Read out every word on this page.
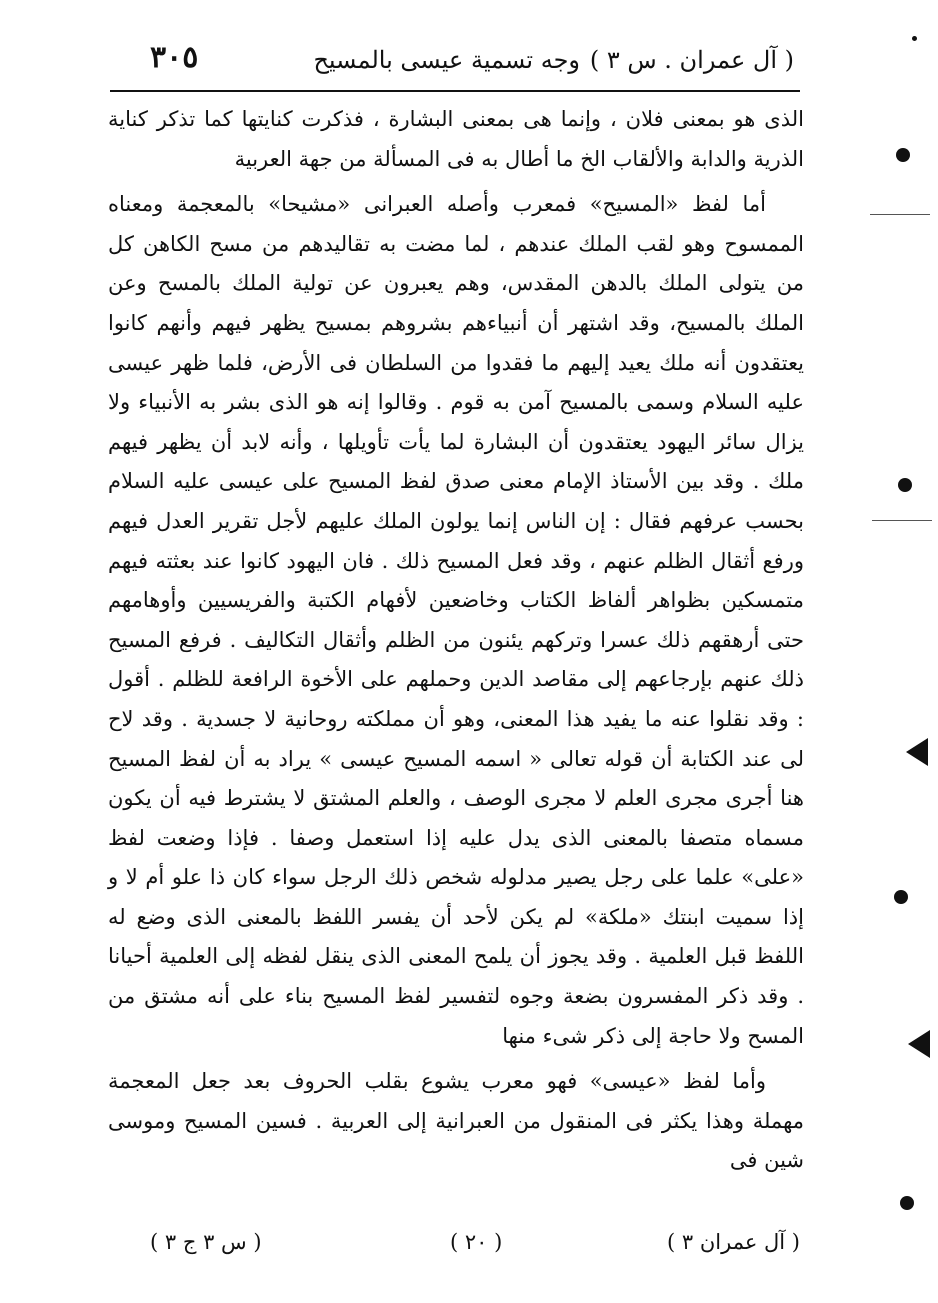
( آل عمران . س ٣ )
وجه تسمية عيسى بالمسيح
٣٠٥

الذى هو بمعنى فلان ، وإنما هى بمعنى البشارة ، فذكرت كنايتها كما تذكر كناية الذرية والدابة والألقاب الخ ما أطال به فى المسألة من جهة العربية

أما لفظ «المسيح» فمعرب وأصله العبرانى «مشيحا» بالمعجمة ومعناه الممسوح وهو لقب الملك عندهم ، لما مضت به تقاليدهم من مسح الكاهن كل من يتولى الملك بالدهن المقدس، وهم يعبرون عن تولية الملك بالمسح وعن الملك بالمسيح، وقد اشتهر أن أنبياءهم بشروهم بمسيح يظهر فيهم وأنهم كانوا يعتقدون أنه ملك يعيد إليهم ما فقدوا من السلطان فى الأرض، فلما ظهر عيسى عليه السلام وسمى بالمسيح آمن به قوم . وقالوا إنه هو الذى بشر به الأنبياء ولا يزال سائر اليهود يعتقدون أن البشارة لما يأت تأويلها ، وأنه لابد أن يظهر فيهم ملك . وقد بين الأستاذ الإمام معنى صدق لفظ المسيح على عيسى عليه السلام بحسب عرفهم فقال : إن الناس إنما يولون الملك عليهم لأجل تقرير العدل فيهم ورفع أثقال الظلم عنهم ، وقد فعل المسيح ذلك . فان اليهود كانوا عند بعثته فيهم متمسكين بظواهر ألفاظ الكتاب وخاضعين لأفهام الكتبة والفريسيين وأوهامهم حتى أرهقهم ذلك عسرا وتركهم يئنون من الظلم وأثقال التكاليف . فرفع المسيح ذلك عنهم بإرجاعهم إلى مقاصد الدين وحملهم على الأخوة الرافعة للظلم . أقول : وقد نقلوا عنه ما يفيد هذا المعنى، وهو أن مملكته روحانية لا جسدية . وقد لاح لى عند الكتابة أن قوله تعالى « اسمه المسيح عيسى » يراد به أن لفظ المسيح هنا أجرى مجرى العلم لا مجرى الوصف ، والعلم المشتق لا يشترط فيه أن يكون مسماه متصفا بالمعنى الذى يدل عليه إذا استعمل وصفا . فإذا وضعت لفظ «على» علما على رجل يصير مدلوله شخص ذلك الرجل سواء كان ذا علو أم لا و إذا سميت ابنتك «ملكة» لم يكن لأحد أن يفسر اللفظ بالمعنى الذى وضع له اللفظ قبل العلمية . وقد يجوز أن يلمح المعنى الذى ينقل لفظه إلى العلمية أحيانا . وقد ذكر المفسرون بضعة وجوه لتفسير لفظ المسيح بناء على أنه مشتق من المسح ولا حاجة إلى ذكر شىء منها

وأما لفظ «عيسى» فهو معرب يشوع بقلب الحروف بعد جعل المعجمة مهملة وهذا يكثر فى المنقول من العبرانية إلى العربية . فسين المسيح وموسى شين فى

( س ٣ ج ٣ )	( ٢٠ )	( آل عمران ٣ )
